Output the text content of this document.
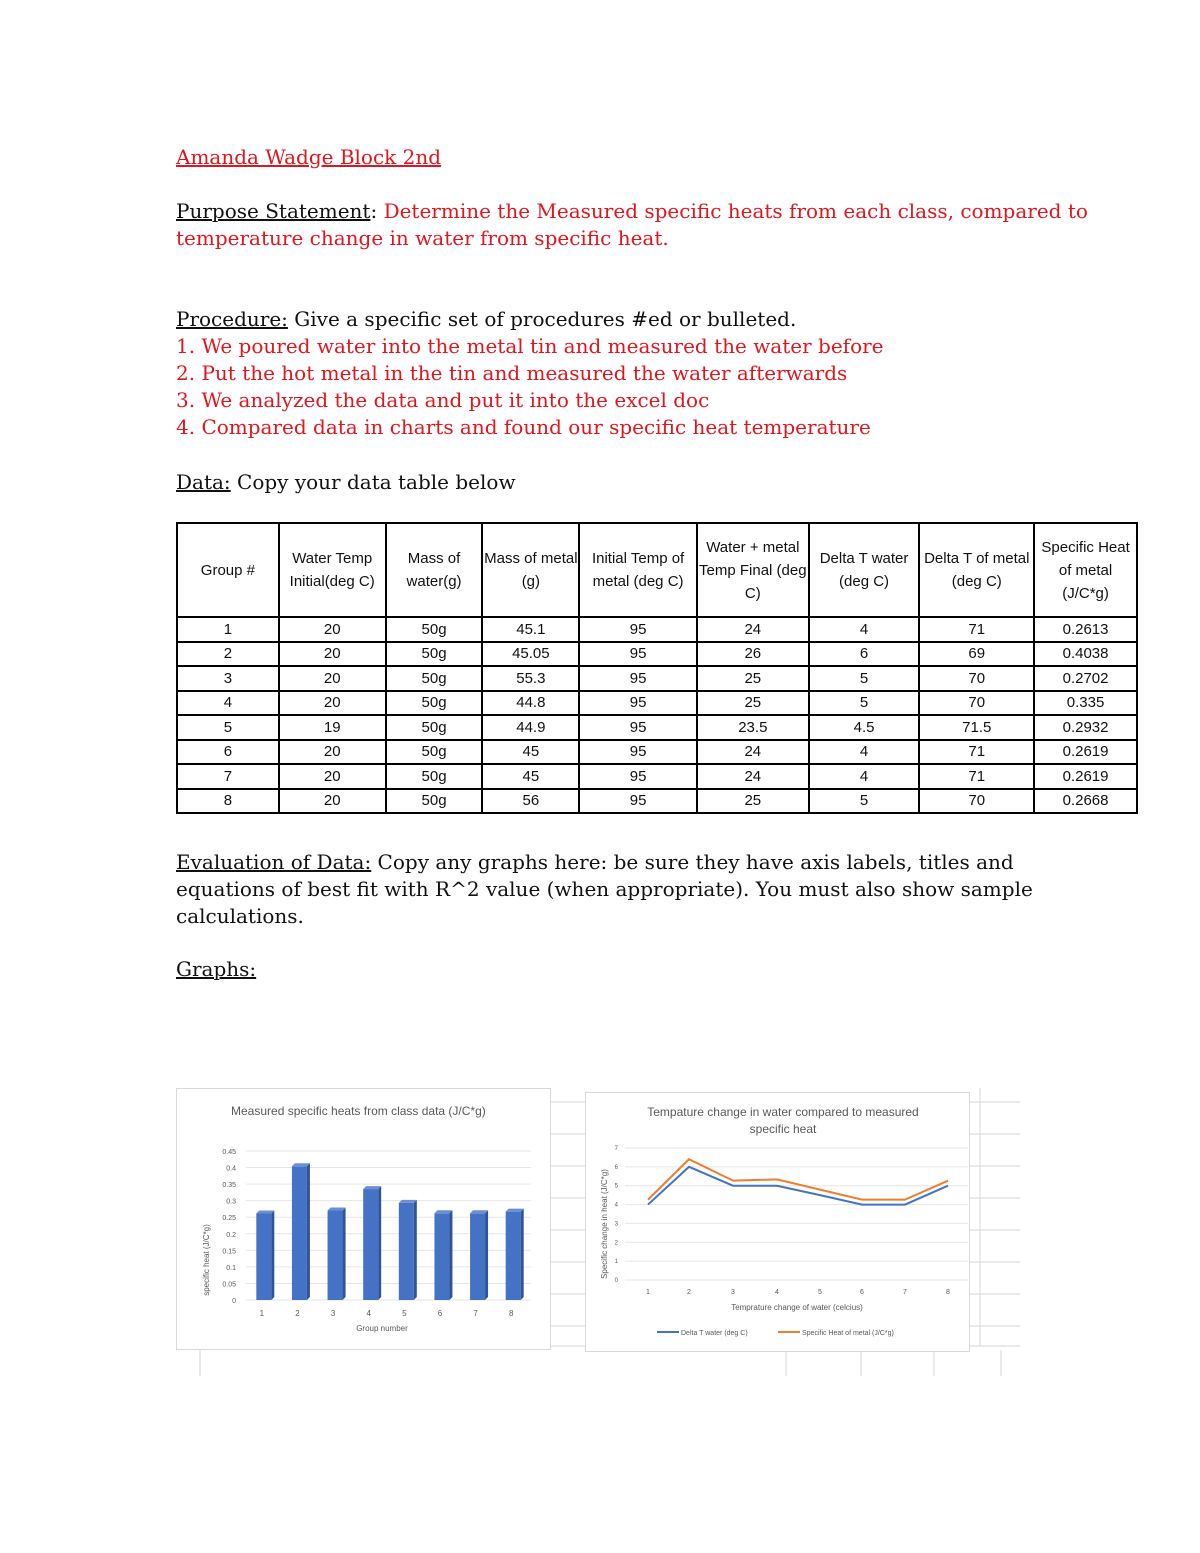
Amanda Wadge Block 2nd
Purpose Statement: Determine the Measured specific heats from each class, compared to
temperature change in water from specific heat.
Procedure: Give a specific set of procedures #ed or bulleted.
1. We poured water into the metal tin and measured the water before
2. Put the hot metal in the tin and measured the water afterwards
3. We analyzed the data and put it into the excel doc
4. Compared data in charts and found our specific heat temperature
Data: Copy your data table below
Group #	Water Temp Initial(deg C)	Mass of water(g)	Mass of metal (g)	Initial Temp of metal (deg C)	Water + metal Temp Final (deg C)	Delta T water (deg C)	Delta T of metal (deg C)	Specific Heat of metal (J/C*g)
1	20	50g	45.1	95	24	4	71	0.2613
2	20	50g	45.05	95	26	6	69	0.4038
3	20	50g	55.3	95	25	5	70	0.2702
4	20	50g	44.8	95	25	5	70	0.335
5	19	50g	44.9	95	23.5	4.5	71.5	0.2932
6	20	50g	45	95	24	4	71	0.2619
7	20	50g	45	95	24	4	71	0.2619
8	20	50g	56	95	25	5	70	0.2668
Evaluation of Data: Copy any graphs here: be sure they have axis labels, titles and
equations of best fit with R^2 value (when appropriate). You must also show sample
calculations.
Graphs:
Measured specific heats from class data (J/C*g)
specific heat (J/C*g)
Group number
0
0.05
0.1
0.15
0.2
0.25
0.3
0.35
0.4
0.45
1	2	3	4	5	6	7	8
Tempature change in water compared to measured
specific heat
Specific change in heat (J/C*g)
Temprature change of water (celcius)
0
1
2
3
4
5
6
7
1	2	3	4	5	6	7	8
Delta T water (deg C)	Specific Heat of metal (J/C*g)
